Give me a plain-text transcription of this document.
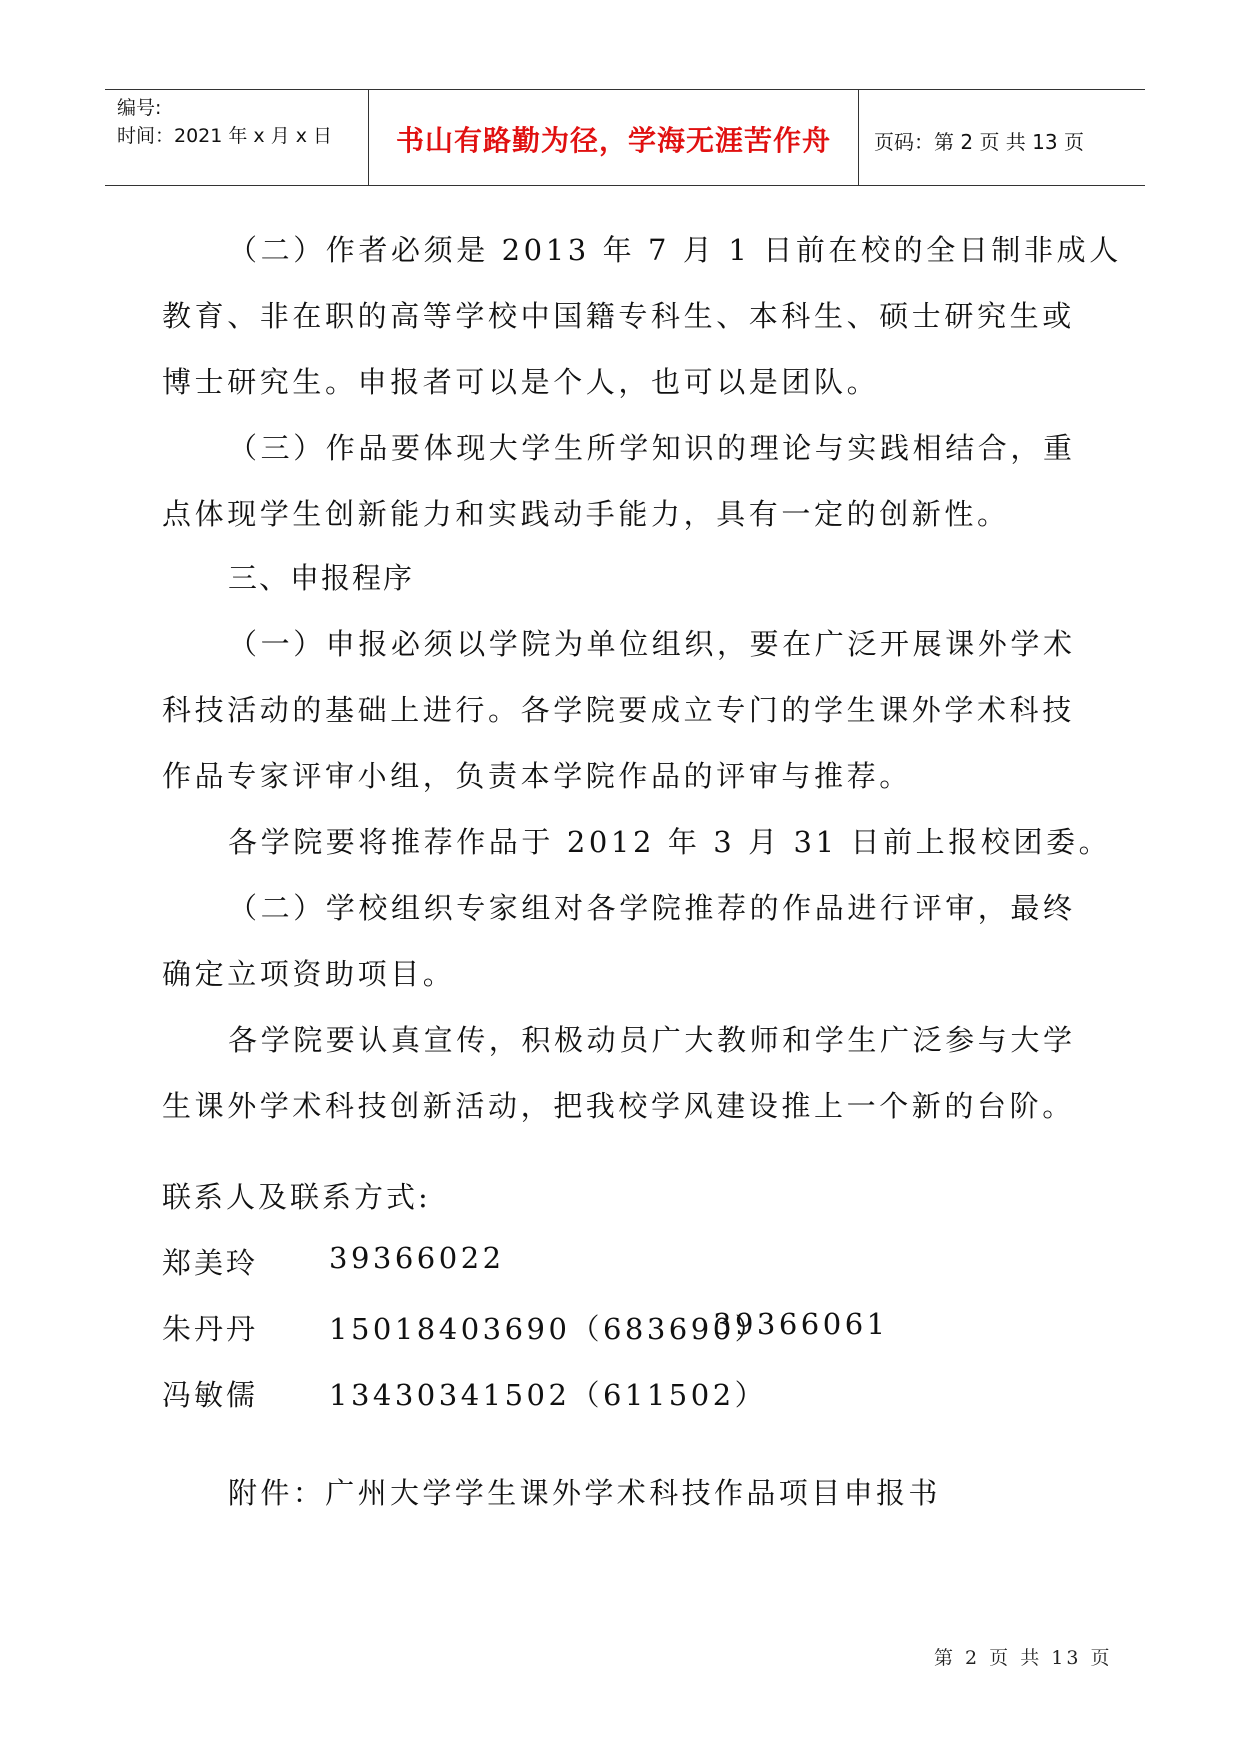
编号:
时间：2021 年 x 月 x 日	书山有路勤为径，学海无涯苦作舟	页码：第 2 页 共 13 页
（二）作者必须是 2013 年 7 月 1 日前在校的全日制非成人
教育、非在职的高等学校中国籍专科生、本科生、硕士研究生或
博士研究生。申报者可以是个人，也可以是团队。
（三）作品要体现大学生所学知识的理论与实践相结合，重
点体现学生创新能力和实践动手能力，具有一定的创新性。
三、申报程序
（一）申报必须以学院为单位组织，要在广泛开展课外学术
科技活动的基础上进行。各学院要成立专门的学生课外学术科技
作品专家评审小组，负责本学院作品的评审与推荐。
各学院要将推荐作品于 2012 年 3 月 31 日前上报校团委。
（二）学校组织专家组对各学院推荐的作品进行评审，最终
确定立项资助项目。
各学院要认真宣传，积极动员广大教师和学生广泛参与大学
生课外学术科技创新活动，把我校学风建设推上一个新的台阶。
联系人及联系方式:
郑美玲 39366022
朱丹丹 15018403690（683690）
39366061
冯敏儒 13430341502（611502）
附件：广州大学学生课外学术科技作品项目申报书
第 2 页 共 13 页
